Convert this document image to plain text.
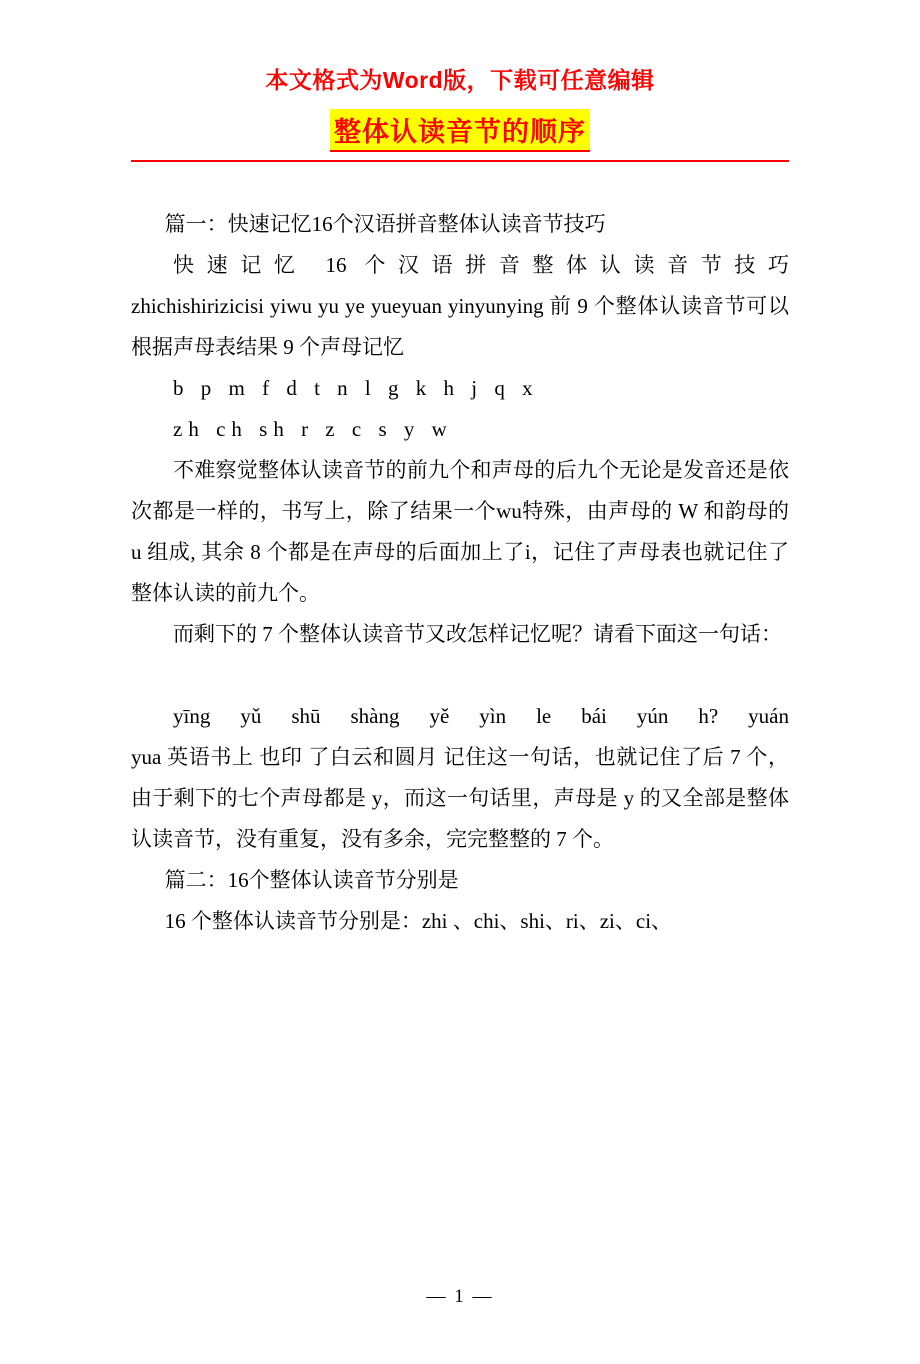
本文格式为Word版，下载可任意编辑
整体认读音节的顺序

篇一：快速记忆16个汉语拼音整体认读音节技巧

快速记忆 16 个汉语拼音整体认读音节技巧

zhichishirizicisi yiwu yu ye yueyuan yinyunying 前 9 个整体认读音节可以根据声母表结果 9 个声母记忆

b p m f d t n l g k h j q x

zh ch sh r z c s y w

不难察觉整体认读音节的前九个和声母的后九个无论是发音还是依次都是一样的，书写上，除了结果一个wu特殊，由声母的 W 和韵母的 u 组成, 其余 8 个都是在声母的后面加上了i，记住了声母表也就记住了整体认读的前九个。

而剩下的 7 个整体认读音节又改怎样记忆呢？请看下面这一句话：

yīng yǔ shū shàng yě yìn le bái yún h? yuán

yua 英语书上 也印 了白云和圆月 记住这一句话，也就记住了后 7 个，由于剩下的七个声母都是 y，而这一句话里，声母是 y 的又全部是整体认读音节，没有重复，没有多余，完完整整的 7 个。

篇二：16个整体认读音节分别是

16 个整体认读音节分别是：zhi 、chi、shi、ri、zi、ci、

— 1 —
